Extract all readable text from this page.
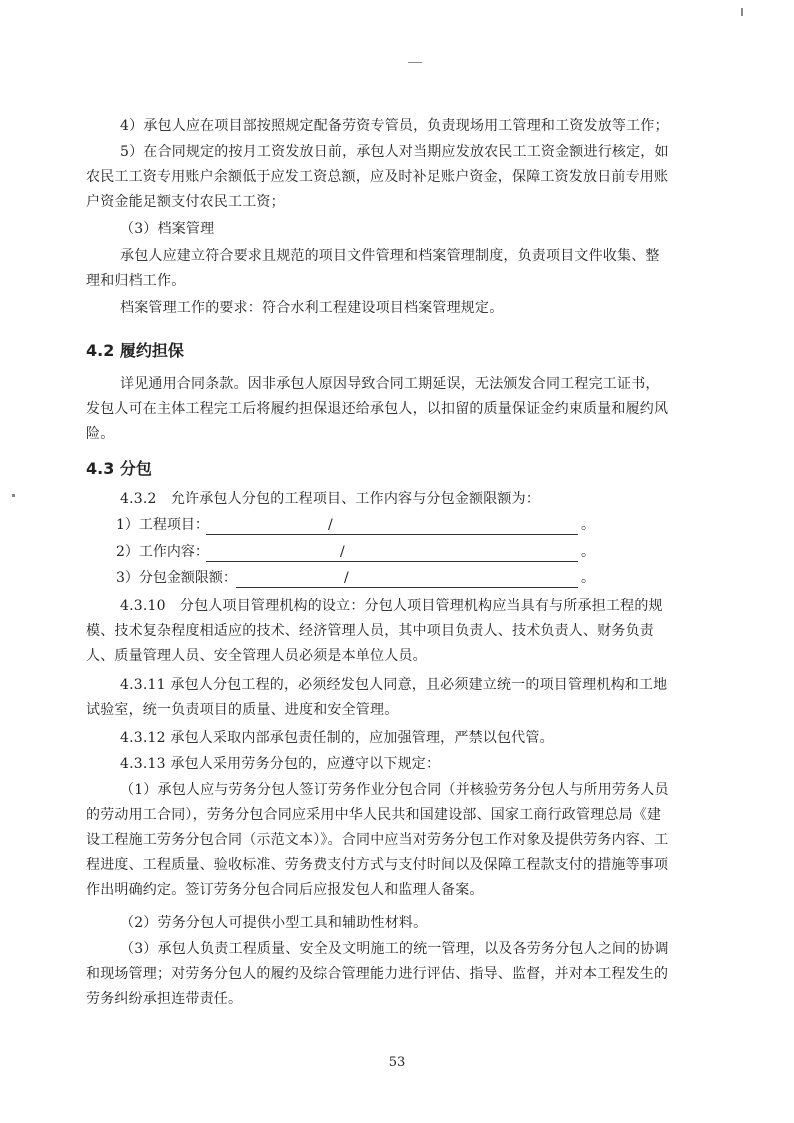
4）承包人应在项目部按照规定配备劳资专管员，负责现场用工管理和工资发放等工作；

5）在合同规定的按月工资发放日前，承包人对当期应发放农民工工资金额进行核定，如农民工工资专用账户余额低于应发工资总额，应及时补足账户资金，保障工资发放日前专用账户资金能足额支付农民工工资；

（3）档案管理

承包人应建立符合要求且规范的项目文件管理和档案管理制度，负责项目文件收集、整理和归档工作。

档案管理工作的要求：符合水利工程建设项目档案管理规定。

4.2 履约担保

详见通用合同条款。因非承包人原因导致合同工期延误，无法颁发合同工程完工证书，发包人可在主体工程完工后将履约担保退还给承包人，以扣留的质量保证金约束质量和履约风险。

4.3 分包

4.3.2　允许承包人分包的工程项目、工作内容与分包金额限额为：

1）工程项目：	/	。
2）工作内容：	/	。
3）分包金额限额：	/	。

4.3.10　分包人项目管理机构的设立：分包人项目管理机构应当具有与所承担工程的规模、技术复杂程度相适应的技术、经济管理人员，其中项目负责人、技术负责人、财务负责人、质量管理人员、安全管理人员必须是本单位人员。

4.3.11 承包人分包工程的，必须经发包人同意，且必须建立统一的项目管理机构和工地试验室，统一负责项目的质量、进度和安全管理。

4.3.12 承包人采取内部承包责任制的，应加强管理，严禁以包代管。

4.3.13 承包人采用劳务分包的，应遵守以下规定：

（1）承包人应与劳务分包人签订劳务作业分包合同（并核验劳务分包人与所用劳务人员的劳动用工合同），劳务分包合同应采用中华人民共和国建设部、国家工商行政管理总局《建设工程施工劳务分包合同（示范文本）》。合同中应当对劳务分包工作对象及提供劳务内容、工程进度、工程质量、验收标准、劳务费支付方式与支付时间以及保障工程款支付的措施等事项作出明确约定。签订劳务分包合同后应报发包人和监理人备案。

（2）劳务分包人可提供小型工具和辅助性材料。

（3）承包人负责工程质量、安全及文明施工的统一管理，以及各劳务分包人之间的协调和现场管理；对劳务分包人的履约及综合管理能力进行评估、指导、监督，并对本工程发生的劳务纠纷承担连带责任。

53
